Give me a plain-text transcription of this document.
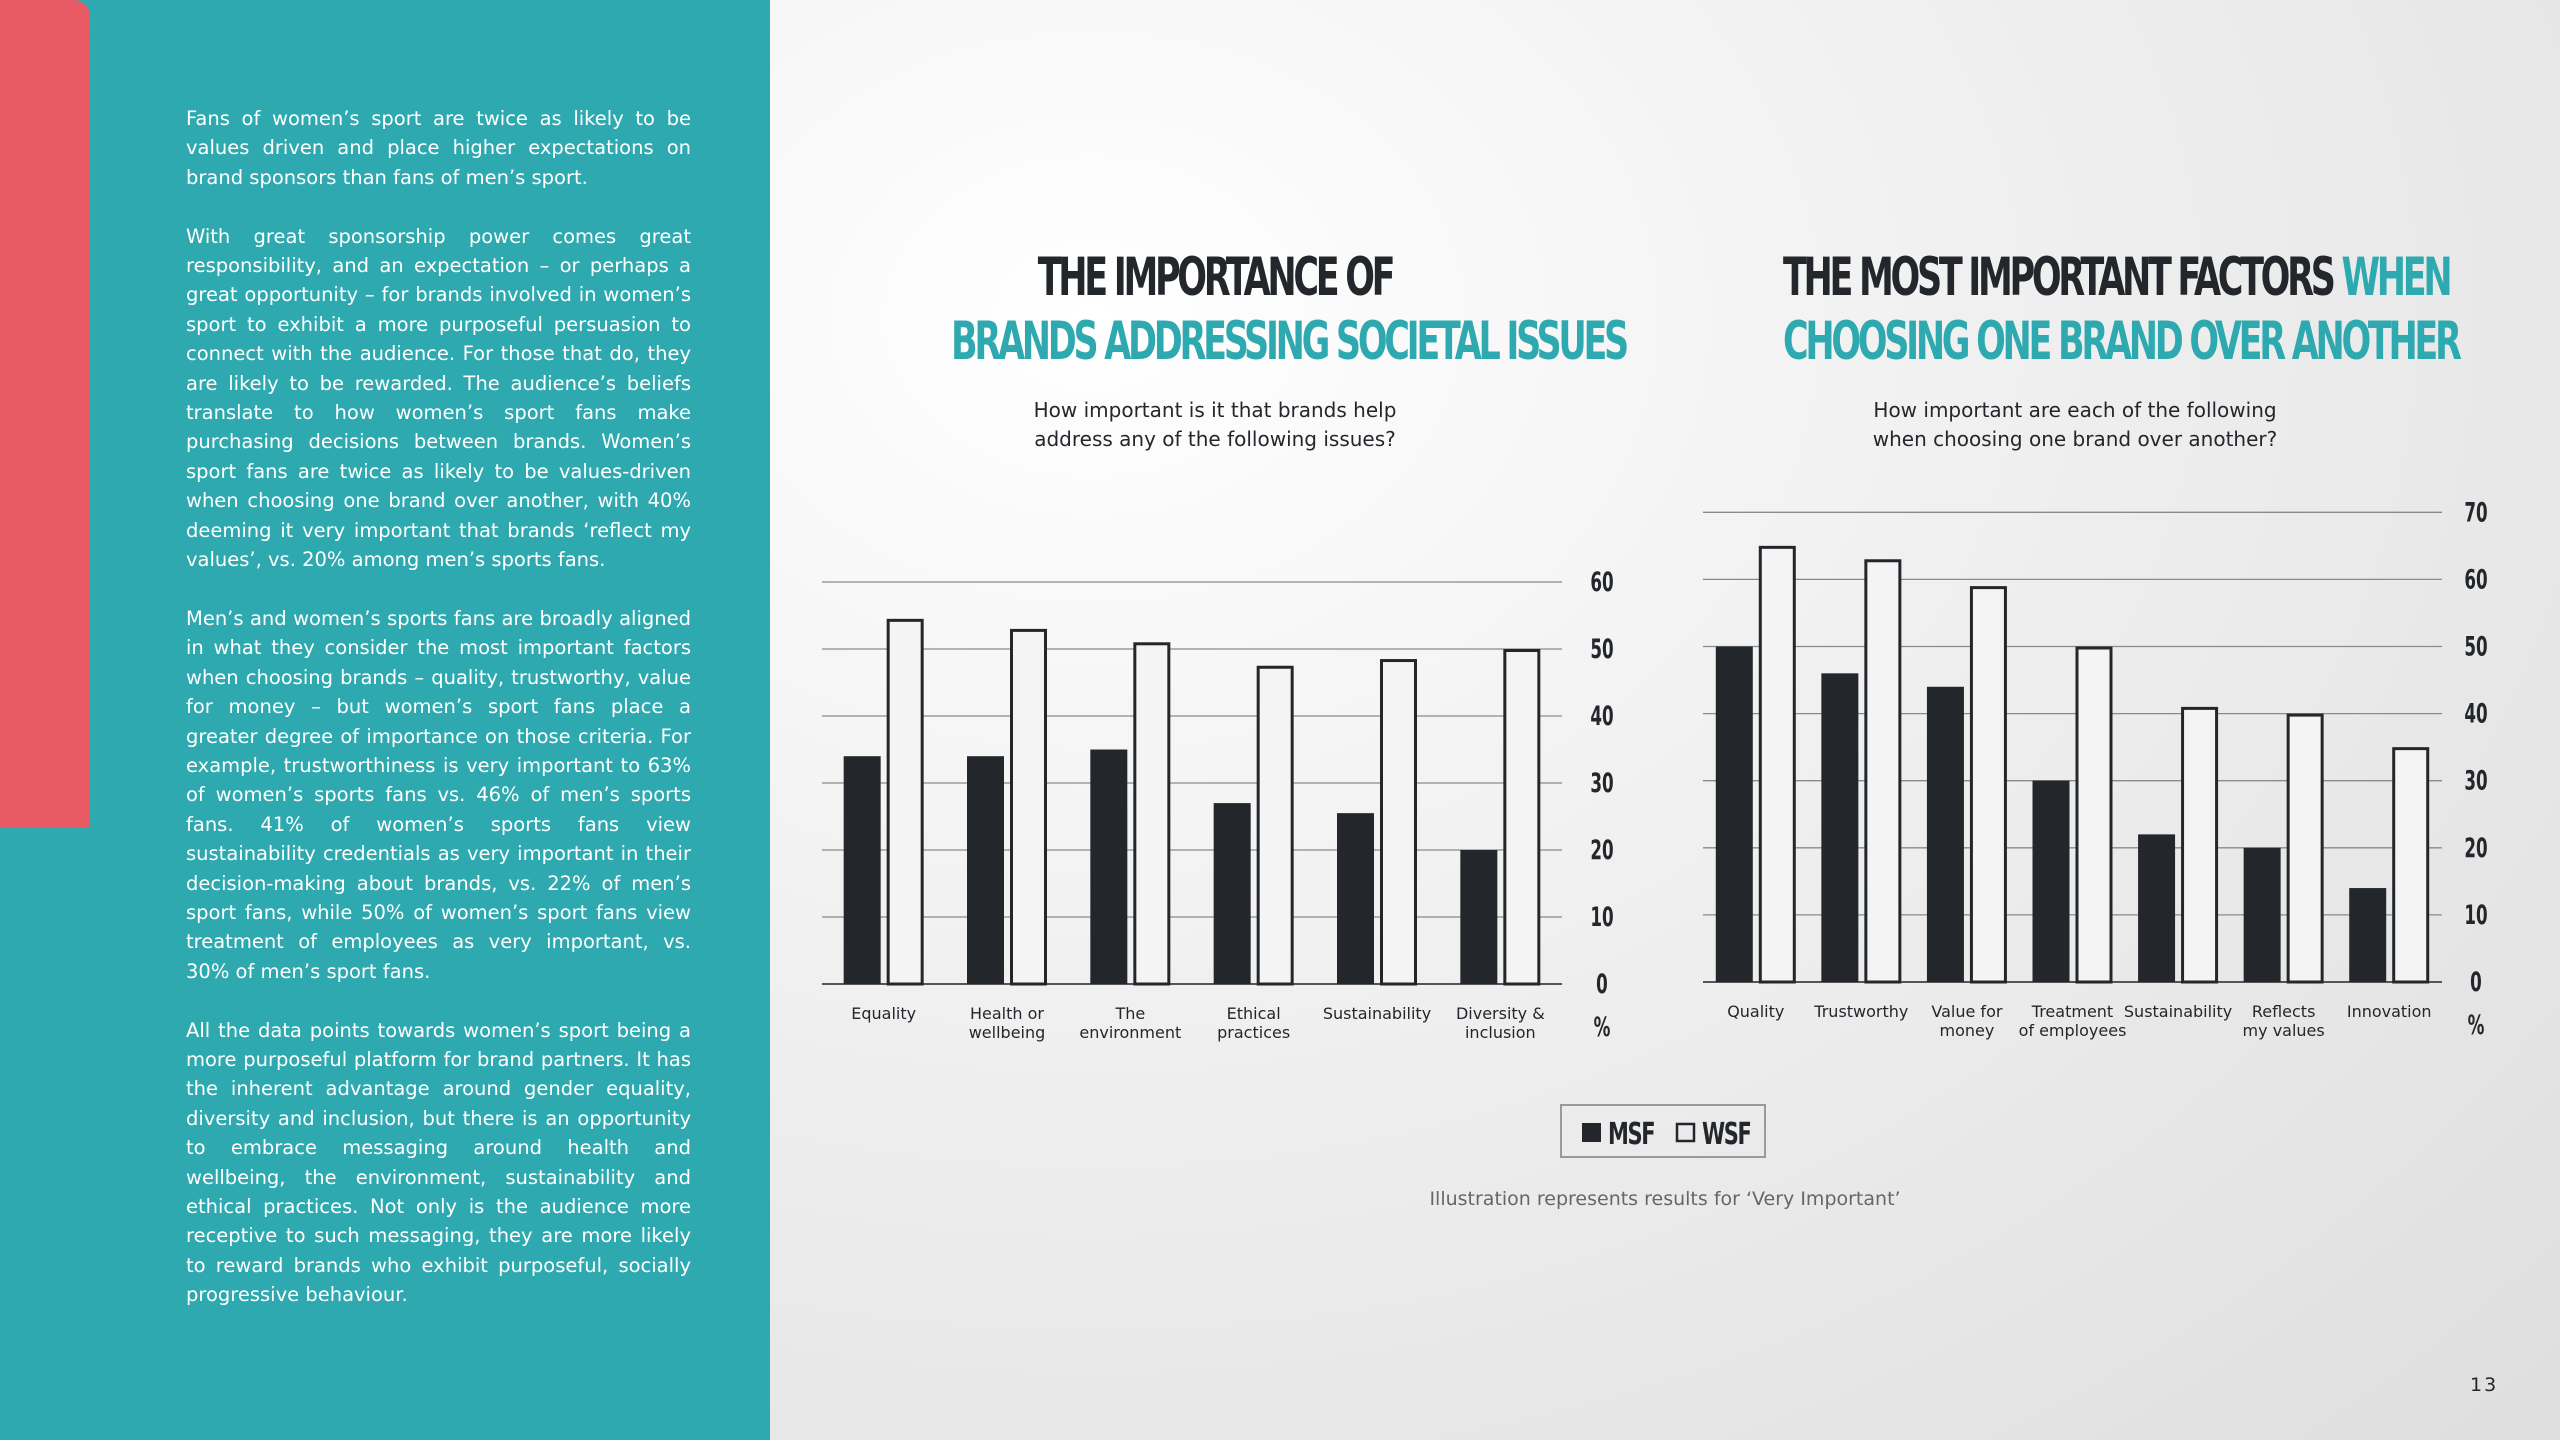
Fans of women’s sport are twice as likely to be values driven and place higher expectations on brand sponsors than fans of men’s sport.

With great sponsorship power comes great responsibility, and an expectation – or perhaps a great opportunity – for brands involved in women’s sport to exhibit a more purposeful persuasion to connect with the audience. For those that do, they are likely to be rewarded. The audience’s beliefs translate to how women’s sport fans make purchasing decisions between brands. Women’s sport fans are twice as likely to be values-driven when choosing one brand over another, with 40% deeming it very important that brands ‘reflect my values’, vs. 20% among men’s sports fans.

Men’s and women’s sports fans are broadly aligned in what they consider the most important factors when choosing brands – quality, trustworthy, value for money – but women’s sport fans place a greater degree of importance on those criteria. For example, trustworthiness is very important to 63% of women’s sports fans vs. 46% of men’s sports fans. 41% of women’s sports fans view sustainability credentials as very important in their decision-making about brands, vs. 22% of men’s sport fans, while 50% of women’s sport fans view treatment of employees as very important, vs. 30% of men’s sport fans.

All the data points towards women’s sport being a more purposeful platform for brand partners. It has the inherent advantage around gender equality, diversity and inclusion, but there is an opportunity to embrace messaging around health and wellbeing, the environment, sustainability and ethical practices. Not only is the audience more receptive to such messaging, they are more likely to reward brands who exhibit purposeful, socially progressive behaviour.

THE IMPORTANCE OF
BRANDS ADDRESSING SOCIETAL ISSUES
How important is it that brands help
address any of the following issues?
THE MOST IMPORTANT FACTORS WHEN
CHOOSING ONE BRAND OVER ANOTHER
How important are each of the following
when choosing one brand over another?
0
10
20
30
40
50
60
%
Equality	Health or
wellbeing
The
environment
Ethical
practices
Sustainability Diversity &
inclusion
0
10
20
30
40
50
60
70
%
Quality Trustworthy Value for
money
Treatment
of employees
Sustainability Reflects
my values
Innovation
MSF WSF
Illustration represents results for ‘Very Important’
13
